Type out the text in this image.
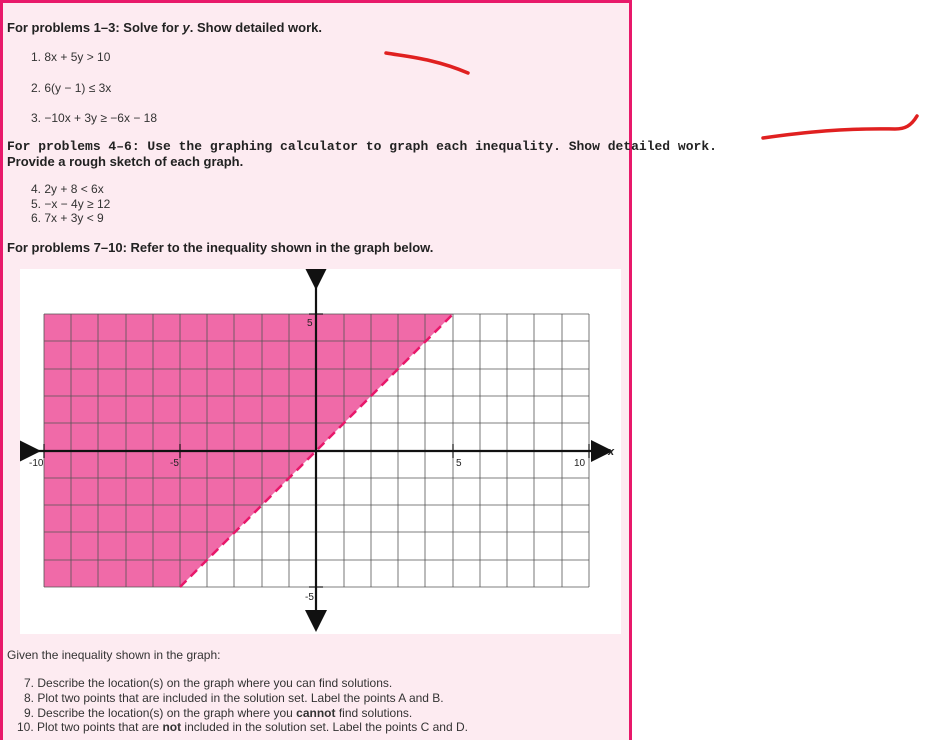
For problems 1–3: Solve for y. Show detailed work.
1. 8x + 5y > 10
2. 6(y − 1) ≤ 3x
3. −10x + 3y ≥ −6x − 18
For problems 4–6: Use the graphing calculator to graph each inequality. Show detailed work.
Provide a rough sketch of each graph.
4. 2y + 8 < 6x
5. −x − 4y ≥ 12
6. 7x + 3y < 9
For problems 7–10: Refer to the inequality shown in the graph below.
-10	-5	5	10
5
-5
x
Given the inequality shown in the graph:
7. Describe the location(s) on the graph where you can find solutions.
8. Plot two points that are included in the solution set. Label the points A and B.
9. Describe the location(s) on the graph where you cannot find solutions.
10. Plot two points that are not included in the solution set. Label the points C and D.
